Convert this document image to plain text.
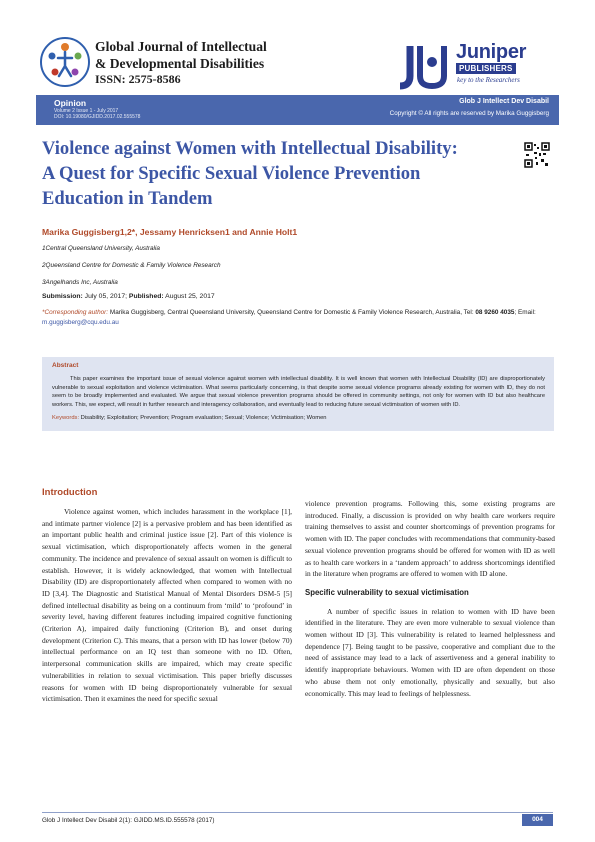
Global Journal of Intellectual
& Developmental Disabilities
ISSN: 2575-8586
Juniper
PUBLISHERS
key to the Researchers
Opinion
Volume 2 Issue 1 - July 2017
DOI: 10.19080/GJIDD.2017.02.555578
Glob J Intellect Dev Disabil
Copyright © All rights are reserved by Marika Guggisberg
Violence against Women with Intellectual Disability:
A Quest for Specific Sexual Violence Prevention
Education in Tandem
Marika Guggisberg1,2*, Jessamy Henricksen1 and Annie Holt1
1Central Queensland University, Australia
2Queensland Centre for Domestic & Family Violence Research
3Angelhands Inc, Australia
Submission: July 05, 2017; Published: August 25, 2017
*Corresponding author: Marika Guggisberg, Central Queensland University, Queensland Centre for Domestic & Family Violence Research, Australia, Tel: 08 9260 4035; Email: m.guggisberg@cqu.edu.au
Abstract
This paper examines the important issue of sexual violence against women with intellectual disability. It is well known that women with Intellectual Disability (ID) are disproportionately vulnerable to sexual exploitation and violence victimisation. What seems particularly concerning, is that despite some sexual violence programs already existing for women with ID, they do not seem to be broadly implemented and evaluated. We argue that sexual violence prevention programs should be offered in community settings, not only for women with ID but also healthcare workers. This, we expect, will result in further research and interagency collaboration, and eventually lead to reducing future sexual victimisation of women with ID.
Keywords: Disability; Exploitation; Prevention; Program evaluation; Sexual; Violence; Victimisation; Women
Introduction

Violence against women, which includes harassment in the workplace [1], and intimate partner violence [2] is a pervasive problem and has been identified as an important public health and criminal justice issue [2]. Part of this violence is sexual victimisation, which disproportionately affects women in the general community. The incidence and prevalence of sexual assault on women is difficult to establish. However, it is widely acknowledged, that women with Intellectual Disability (ID) are disproportionately affected when compared to women with no ID [3,4]. The Diagnostic and Statistical Manual of Mental Disorders DSM-5 [5] defined intellectual disability as being on a continuum from ‘mild’ to ‘profound’ in severity level, having different features including impaired cognitive functioning (Criterion A), impaired daily functioning (Criterion B), and onset during development (Criterion C). This means, that a person with ID has lower (below 70) intellectual performance on an IQ test than someone with no ID. Often, interpersonal communication skills are impaired, which may create specific vulnerabilities in relation to sexual victimisation. This paper briefly discusses reasons for women with ID being disproportionately vulnerable for sexual victimisation. Then it examines the need for specific sexual

violence prevention programs. Following this, some existing programs are introduced. Finally, a discussion is provided on why health care workers require training themselves to assist and counter shortcomings of prevention programs for women with ID. The paper concludes with recommendations that community-based sexual violence prevention programs should be offered for women with ID as well as to health care workers in a ‘tandem approach’ to address shortcomings identified in the literature when programs are offered to women with ID alone.

Specific vulnerability to sexual victimisation

A number of specific issues in relation to women with ID have been identified in the literature. They are even more vulnerable to sexual violence than women without ID [3]. This vulnerability is related to learned helplessness and dependence [7]. Being taught to be passive, cooperative and compliant due to the need of assistance may lead to a lack of assertiveness and a general inability to identify inappropriate behaviours. Women with ID are often dependent on those who abuse them not only emotionally, physically and sexually, but also economically. This may lead to feelings of helplessness.

Glob J Intellect Dev Disabil 2(1): GJIDD.MS.ID.555578 (2017)	004
